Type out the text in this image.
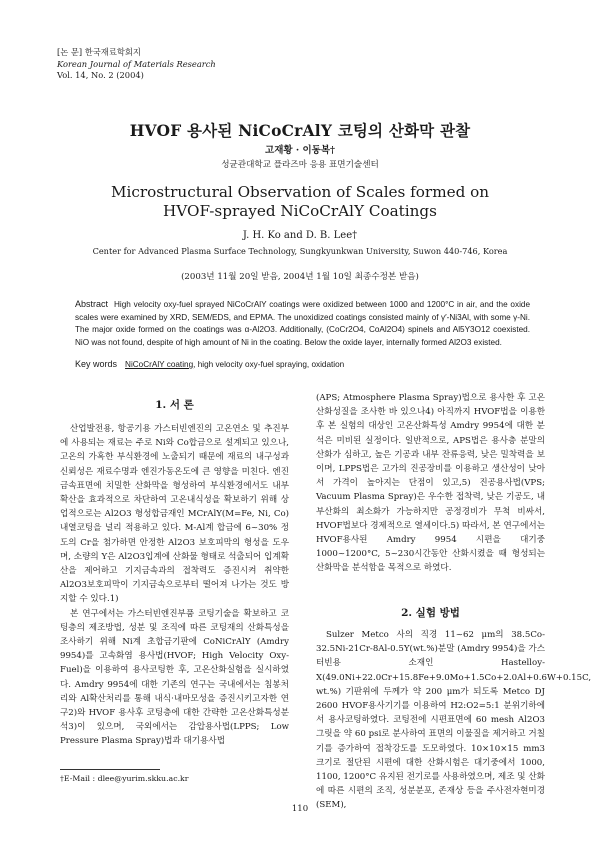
[논 문] 한국재료학회지
Korean Journal of Materials Research
Vol. 14, No. 2 (2004)
HVOF 용사된 NiCoCrAlY 코팅의 산화막 관찰
고재황 · 이동복†
성균관대학교 플라즈마 응용 표면기술센터
Microstructural Observation of Scales formed on
HVOF-sprayed NiCoCrAlY Coatings
J. H. Ko and D. B. Lee†
Center for Advanced Plasma Surface Technology, Sungkyunkwan University, Suwon 440-746, Korea
(2003년 11월 20일 받음, 2004년 1월 10일 최종수정본 받음)
Abstract High velocity oxy-fuel sprayed NiCoCrAlY coatings were oxidized between 1000 and 1200°C in air, and the oxide scales were examined by XRD, SEM/EDS, and EPMA. The unoxidized coatings consisted mainly of γ′-Ni3Al, with some γ-Ni. The major oxide formed on the coatings was α-Al2O3. Additionally, (CoCr2O4, CoAl2O4) spinels and Al5Y3O12 coexisted. NiO was not found, despite of high amount of Ni in the coating. Below the oxide layer, internally formed Al2O3 existed.
Key words NiCoCrAlY coating, high velocity oxy-fuel spraying, oxidation
1. 서 론

산업발전용, 항공기용 가스터빈엔진의 고온연소 및 추진부에 사용되는 재료는 주로 Ni와 Co합금으로 설계되고 있으나, 고온의 가혹한 부식환경에 노출되기 때문에 재료의 내구성과 신뢰성은 재료수명과 엔진가동온도에 큰 영향을 미친다. 엔진금속표면에 치밀한 산화막을 형성하여 부식환경에서도 내부확산을 효과적으로 차단하여 고온내식성을 확보하기 위해 상업적으로는 Al2O3 형성합금재인 MCrAlY(M=Fe, Ni, Co)내열코팅을 널리 적용하고 있다. M-Al계 합금에 6~30% 정도의 Cr을 첨가하면 안정한 Al2O3 보호피막의 형성을 도우며, 소량의 Y은 Al2O3입계에 산화물 형태로 석출되어 입계확산을 제어하고 기지금속과의 접착력도 증진시켜 취약한 Al2O3보호피막이 기지금속으로부터 떨어져 나가는 것도 방지할 수 있다.1)

본 연구에서는 가스터빈엔진부품 코팅기술을 확보하고 코팅층의 제조방법, 성분 및 조직에 따른 코팅재의 산화특성을 조사하기 위해 Ni계 초합금기판에 CoNiCrAlY (Amdry 9954)를 고속화염 용사법(HVOF; High Velocity Oxy-Fuel)을 이용하여 용사코팅한 후, 고온산화실험을 실시하였다. Amdry 9954에 대한 기존의 연구는 국내에서는 침봉처리와 Al확산처리를 통해 내식·내마모성을 증진시키고자한 연구2)와 HVOF 용사후 코팅층에 대한 간략한 고온산화특성분석3)이 있으며, 국외에서는 감압용사법(LPPS; Low Pressure Plasma Spray)법과 대기용사법

(APS; Atmosphere Plasma Spray)법으로 용사한 후 고온산화성질을 조사한 바 있으나4) 아직까지 HVOF법을 이용한 후 본 실험의 대상인 고온산화특성 Amdry 9954에 대한 분석은 미비된 실정이다. 일반적으로, APS법은 용사층 분말의 산화가 심하고, 높은 기공과 내부 잔류응력, 낮은 밀착력을 보이며, LPPS법은 고가의 진공장비를 이용하고 생산성이 낮아서 가격이 높아지는 단점이 있고,5) 진공용사법(VPS; Vacuum Plasma Spray)은 우수한 접착력, 낮은 기공도, 내부산화의 최소화가 가능하지만 공정경비가 무척 비싸서, HVOF법보다 경제적으로 열세이다.5) 따라서, 본 연구에서는 HVOF용사된 Amdry 9954 시편을 대기중 1000~1200°C, 5~230시간동안 산화시켰을 때 형성되는 산화막을 분석함을 목적으로 하였다.

2. 실험 방법

Sulzer Metco 사의 직경 11~62 μm의 38.5Co-32.5Ni-21Cr-8Al-0.5Y(wt.%)분말 (Amdry 9954)을 가스터빈용 소재인 Hastelloy-X(49.0Ni+22.0Cr+15.8Fe+9.0Mo+1.5Co+2.0Al+0.6W+0.15C, wt.%) 기판위에 두께가 약 200 μm가 되도록 Metco DJ 2600 HVOF용사기기를 이용하여 H2:O2=5:1 분위기하에서 용사코팅하였다. 코팅전에 시편표면에 60 mesh Al2O3 그릿을 약 60 psi로 분사하여 표면의 이물질을 제거하고 거칠기를 증가하여 접착강도를 도모하였다. 10×10×15 mm3 크기로 절단된 시편에 대한 산화시험은 대기중에서 1000, 1100, 1200°C 유지된 전기로를 사용하였으며, 제조 및 산화에 따른 시편의 조직, 성분분포, 존재상 등을 주사전자현미경(SEM),

†E-Mail : dlee@yurim.skku.ac.kr
110
